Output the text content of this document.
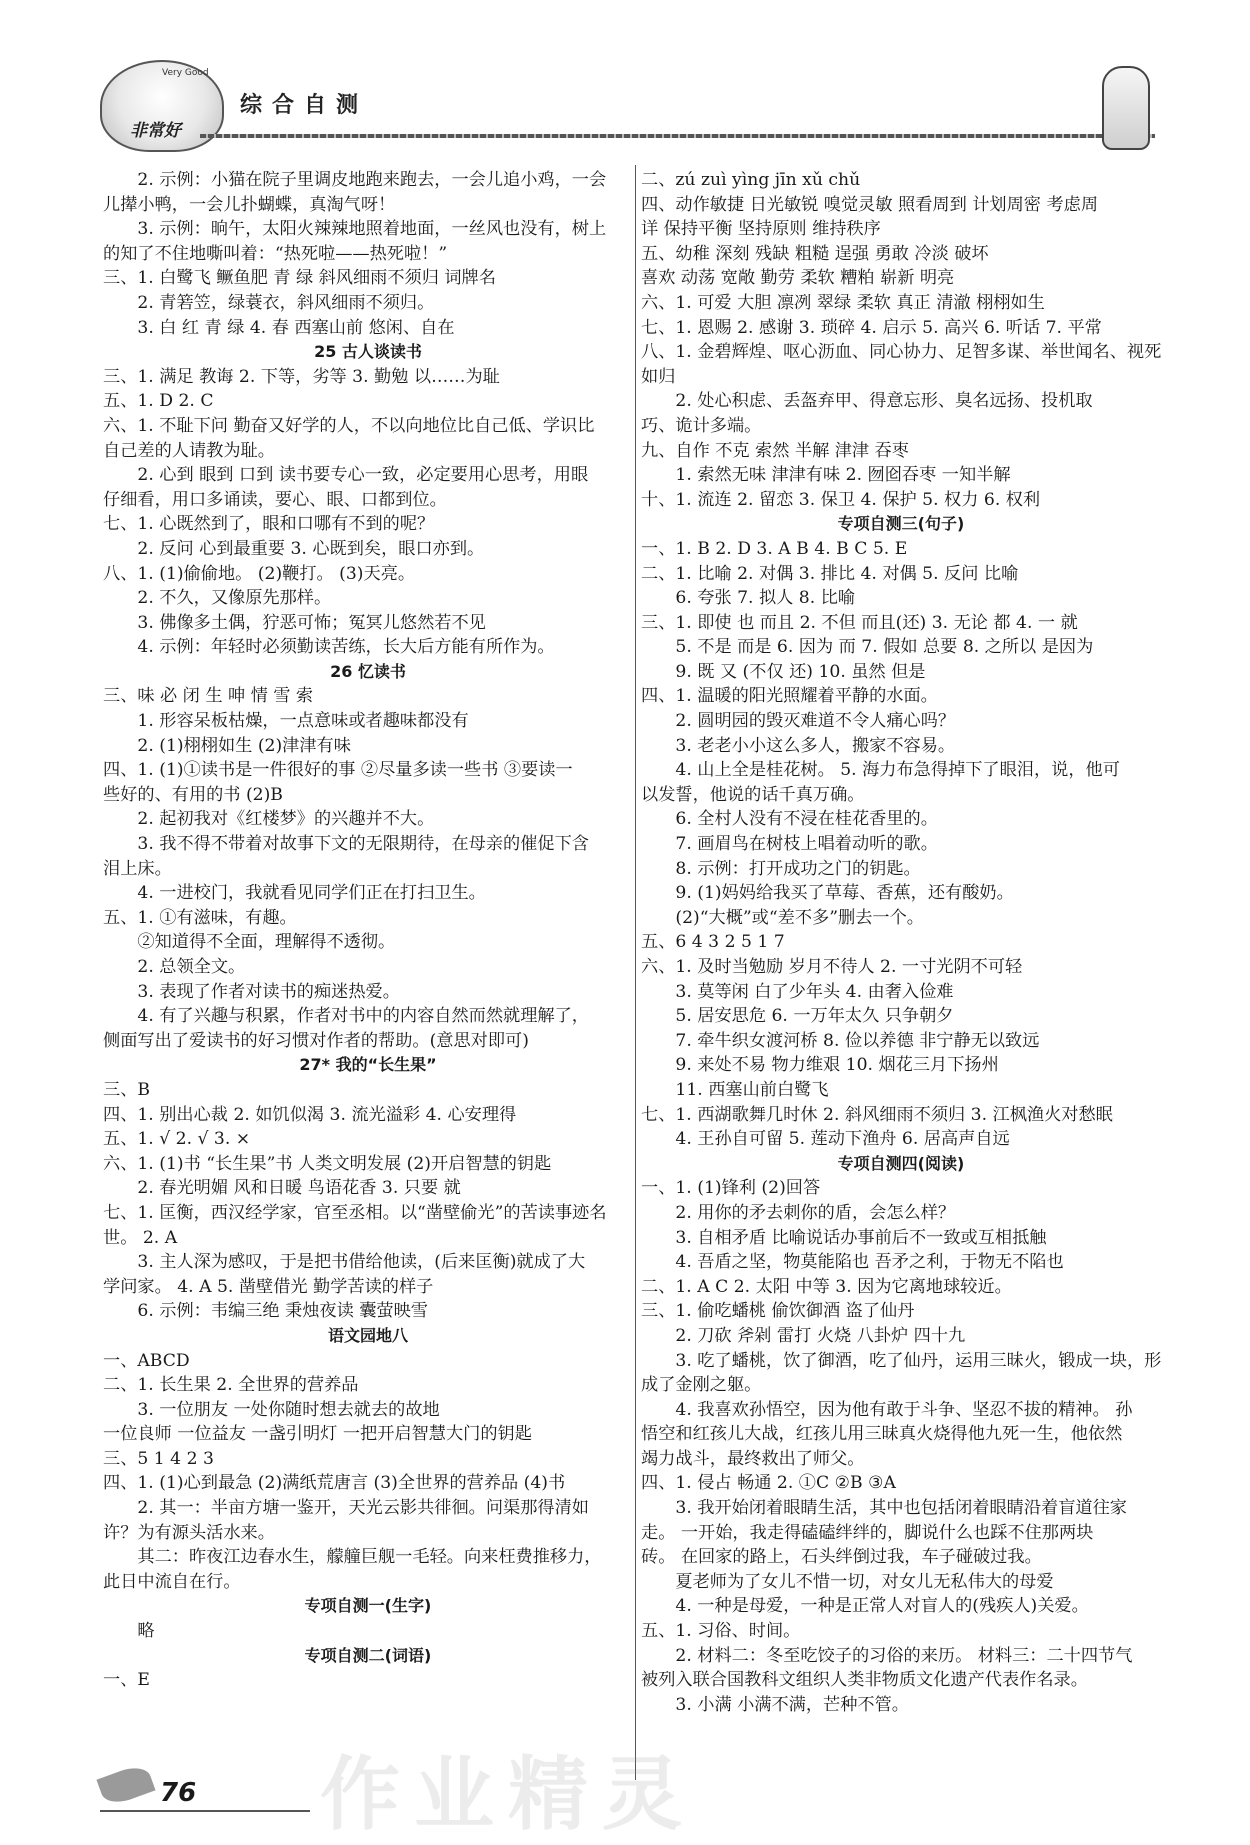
Very Good
非常好
综合自测
2. 示例：小猫在院子里调皮地跑来跑去，一会儿追小鸡，一会
儿撵小鸭，一会儿扑蝴蝶，真淘气呀！
3. 示例：晌午，太阳火辣辣地照着地面，一丝风也没有，树上
的知了不住地嘶叫着：“热死啦——热死啦！”
三、1. 白鹭飞 鳜鱼肥 青 绿 斜风细雨不须归 词牌名
2. 青箬笠，绿蓑衣，斜风细雨不须归。
3. 白 红 青 绿 4. 春 西塞山前 悠闲、自在
25 古人谈读书
三、1. 满足 教诲 2. 下等，劣等 3. 勤勉 以……为耻
五、1. D 2. C
六、1. 不耻下问 勤奋又好学的人，不以向地位比自己低、学识比
自己差的人请教为耻。
2. 心到 眼到 口到 读书要专心一致，必定要用心思考，用眼
仔细看，用口多诵读，要心、眼、口都到位。
七、1. 心既然到了，眼和口哪有不到的呢？
2. 反问 心到最重要 3. 心既到矣，眼口亦到。
八、1. (1)偷偷地。 (2)鞭打。 (3)天亮。
2. 不久，又像原先那样。
3. 佛像多土偶，狞恶可怖；冤冥儿悠然若不见
4. 示例：年轻时必须勤读苦练，长大后方能有所作为。
26 忆读书
三、味 必 闭 生 呻 情 雪 索
1. 形容呆板枯燥，一点意味或者趣味都没有
2. (1)栩栩如生 (2)津津有味
四、1. (1)①读书是一件很好的事 ②尽量多读一些书 ③要读一
些好的、有用的书 (2)B
2. 起初我对《红楼梦》的兴趣并不大。
3. 我不得不带着对故事下文的无限期待，在母亲的催促下含
泪上床。
4. 一进校门，我就看见同学们正在打扫卫生。
五、1. ①有滋味，有趣。
②知道得不全面，理解得不透彻。
2. 总领全文。
3. 表现了作者对读书的痴迷热爱。
4. 有了兴趣与积累，作者对书中的内容自然而然就理解了，
侧面写出了爱读书的好习惯对作者的帮助。(意思对即可)
27* 我的“长生果”
三、B
四、1. 别出心裁 2. 如饥似渴 3. 流光溢彩 4. 心安理得
五、1. √ 2. √ 3. ×
六、1. (1)书 “长生果”书 人类文明发展 (2)开启智慧的钥匙
2. 春光明媚 风和日暖 鸟语花香 3. 只要 就
七、1. 匡衡，西汉经学家，官至丞相。以“凿壁偷光”的苦读事迹名
世。 2. A
3. 主人深为感叹，于是把书借给他读，(后来匡衡)就成了大
学问家。 4. A 5. 凿壁借光 勤学苦读的样子
6. 示例：韦编三绝 秉烛夜读 囊萤映雪
语文园地八
一、ABCD
二、1. 长生果 2. 全世界的营养品
3. 一位朋友 一处你随时想去就去的故地
一位良师 一位益友 一盏引明灯 一把开启智慧大门的钥匙
三、5 1 4 2 3
四、1. (1)心到最急 (2)满纸荒唐言 (3)全世界的营养品 (4)书
2. 其一：半亩方塘一鉴开，天光云影共徘徊。问渠那得清如
许？为有源头活水来。
其二：昨夜江边春水生，艨艟巨舰一毛轻。向来枉费推移力，
此日中流自在行。
专项自测一(生字)
略
专项自测二(词语)
一、E
二、zú zuì yìng jīn xǔ chǔ
四、动作敏捷 日光敏锐 嗅觉灵敏 照看周到 计划周密 考虑周
详 保持平衡 坚持原则 维持秩序
五、幼稚 深刻 残缺 粗糙 逞强 勇敢 冷淡 破坏
喜欢 动荡 宽敞 勤劳 柔软 糟粕 崭新 明亮
六、1. 可爱 大胆 凛冽 翠绿 柔软 真正 清澈 栩栩如生
七、1. 恩赐 2. 感谢 3. 琐碎 4. 启示 5. 高兴 6. 听话 7. 平常
八、1. 金碧辉煌、呕心沥血、同心协力、足智多谋、举世闻名、视死
如归
2. 处心积虑、丢盔弃甲、得意忘形、臭名远扬、投机取
巧、诡计多端。
九、自作 不克 索然 半解 津津 吞枣
1. 索然无味 津津有味 2. 囫囵吞枣 一知半解
十、1. 流连 2. 留恋 3. 保卫 4. 保护 5. 权力 6. 权利
专项自测三(句子)
一、1. B 2. D 3. A B 4. B C 5. E
二、1. 比喻 2. 对偶 3. 排比 4. 对偶 5. 反问 比喻
6. 夸张 7. 拟人 8. 比喻
三、1. 即使 也 而且 2. 不但 而且(还) 3. 无论 都 4. 一 就
5. 不是 而是 6. 因为 而 7. 假如 总要 8. 之所以 是因为
9. 既 又 (不仅 还) 10. 虽然 但是
四、1. 温暖的阳光照耀着平静的水面。
2. 圆明园的毁灭难道不令人痛心吗？
3. 老老小小这么多人，搬家不容易。
4. 山上全是桂花树。 5. 海力布急得掉下了眼泪，说，他可
以发誓，他说的话千真万确。
6. 全村人没有不浸在桂花香里的。
7. 画眉鸟在树枝上唱着动听的歌。
8. 示例：打开成功之门的钥匙。
9. (1)妈妈给我买了草莓、香蕉，还有酸奶。
(2)“大概”或“差不多”删去一个。
五、6 4 3 2 5 1 7
六、1. 及时当勉励 岁月不待人 2. 一寸光阴不可轻
3. 莫等闲 白了少年头 4. 由奢入俭难
5. 居安思危 6. 一万年太久 只争朝夕
7. 牵牛织女渡河桥 8. 俭以养德 非宁静无以致远
9. 来处不易 物力维艰 10. 烟花三月下扬州
11. 西塞山前白鹭飞
七、1. 西湖歌舞几时休 2. 斜风细雨不须归 3. 江枫渔火对愁眠
4. 王孙自可留 5. 莲动下渔舟 6. 居高声自远
专项自测四(阅读)
一、1. (1)锋利 (2)回答
2. 用你的矛去刺你的盾，会怎么样？
3. 自相矛盾 比喻说话办事前后不一致或互相抵触
4. 吾盾之坚，物莫能陷也 吾矛之利，于物无不陷也
二、1. A C 2. 太阳 中等 3. 因为它离地球较近。
三、1. 偷吃蟠桃 偷饮御酒 盗了仙丹
2. 刀砍 斧剁 雷打 火烧 八卦炉 四十九
3. 吃了蟠桃，饮了御酒，吃了仙丹，运用三昧火，锻成一块，形
成了金刚之躯。
4. 我喜欢孙悟空，因为他有敢于斗争、坚忍不拔的精神。 孙
悟空和红孩儿大战，红孩儿用三昧真火烧得他九死一生，他依然
竭力战斗，最终救出了师父。
四、1. 侵占 畅通 2. ①C ②B ③A
3. 我开始闭着眼睛生活，其中也包括闭着眼睛沿着盲道往家
走。 一开始，我走得磕磕绊绊的，脚说什么也踩不住那两块
砖。 在回家的路上，石头绊倒过我，车子碰破过我。
夏老师为了女儿不惜一切，对女儿无私伟大的母爱
4. 一种是母爱，一种是正常人对盲人的(残疾人)关爱。
五、1. 习俗、时间。
2. 材料二：冬至吃饺子的习俗的来历。 材料三：二十四节气
被列入联合国教科文组织人类非物质文化遗产代表作名录。
3. 小满 小满不满，芒种不管。
作业精灵
76
